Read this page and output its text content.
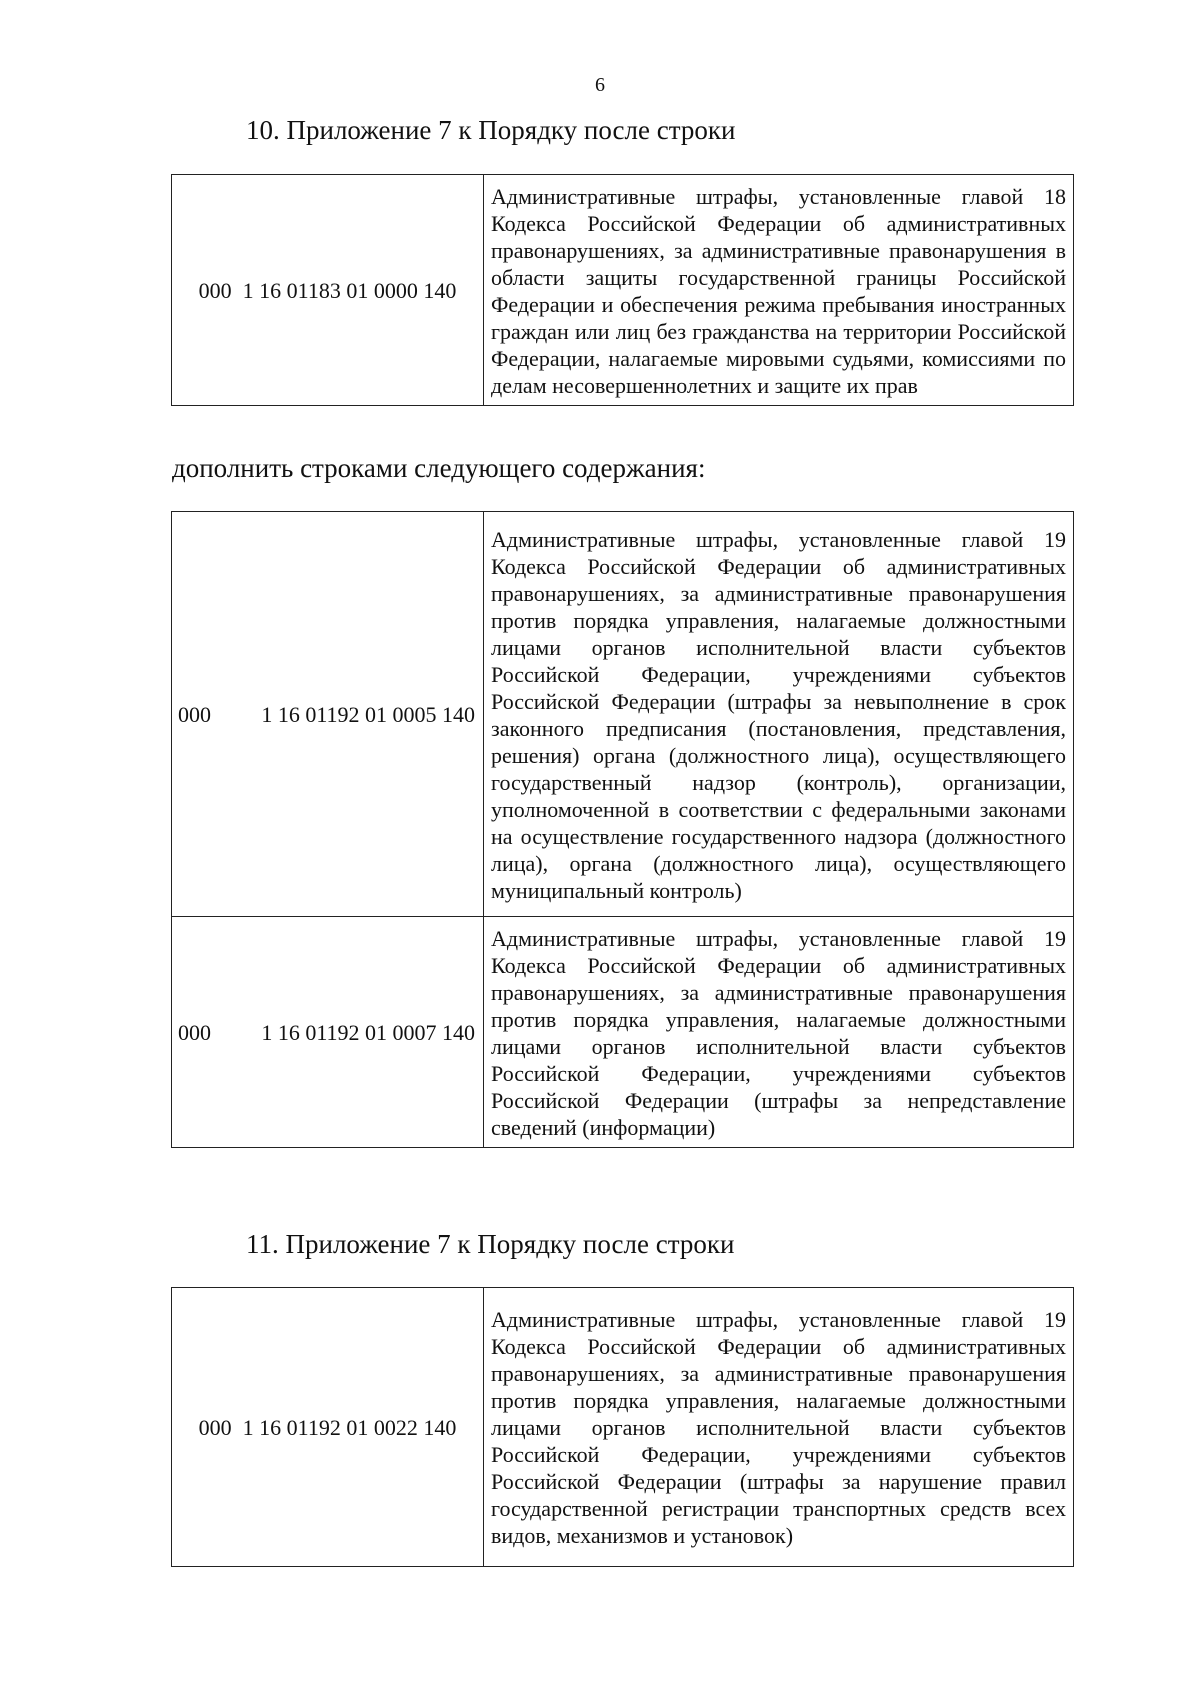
6
10. Приложение 7 к Порядку после строки
000  1 16 01183 01 0000 140	Административные штрафы, установленные главой 18 Кодекса Российской Федерации об административных правонарушениях, за административные правонарушения в области защиты государственной границы Российской Федерации и обеспечения режима пребывания иностранных граждан или лиц без гражданства на территории Российской Федерации, налагаемые мировыми судьями, комиссиями по делам несовершеннолетних и защите их прав
дополнить строками следующего содержания:
000 1 16 01192 01 0005 140	Административные штрафы, установленные главой 19 Кодекса Российской Федерации об административных правонарушениях, за административные правонарушения против порядка управления, налагаемые должностными лицами органов исполнительной власти субъектов Российской Федерации, учреждениями субъектов Российской Федерации (штрафы за невыполнение в срок законного предписания (постановления, представления, решения) органа (должностного лица), осуществляющего государственный надзор (контроль), организации, уполномоченной в соответствии с федеральными законами на осуществление государственного надзора (должностного лица), органа (должностного лица), осуществляющего муниципальный контроль)

000 1 16 01192 01 0007 140	Административные штрафы, установленные главой 19 Кодекса Российской Федерации об административных правонарушениях, за административные правонарушения против порядка управления, налагаемые должностными лицами органов исполнительной власти субъектов Российской Федерации, учреждениями субъектов Российской Федерации (штрафы за непредставление сведений (информации)
11. Приложение 7 к Порядку после строки
000  1 16 01192 01 0022 140	Административные штрафы, установленные главой 19 Кодекса Российской Федерации об административных правонарушениях, за административные правонарушения против порядка управления, налагаемые должностными лицами органов исполнительной власти субъектов Российской Федерации, учреждениями субъектов Российской Федерации (штрафы за нарушение правил государственной регистрации транспортных средств всех видов, механизмов и установок)
